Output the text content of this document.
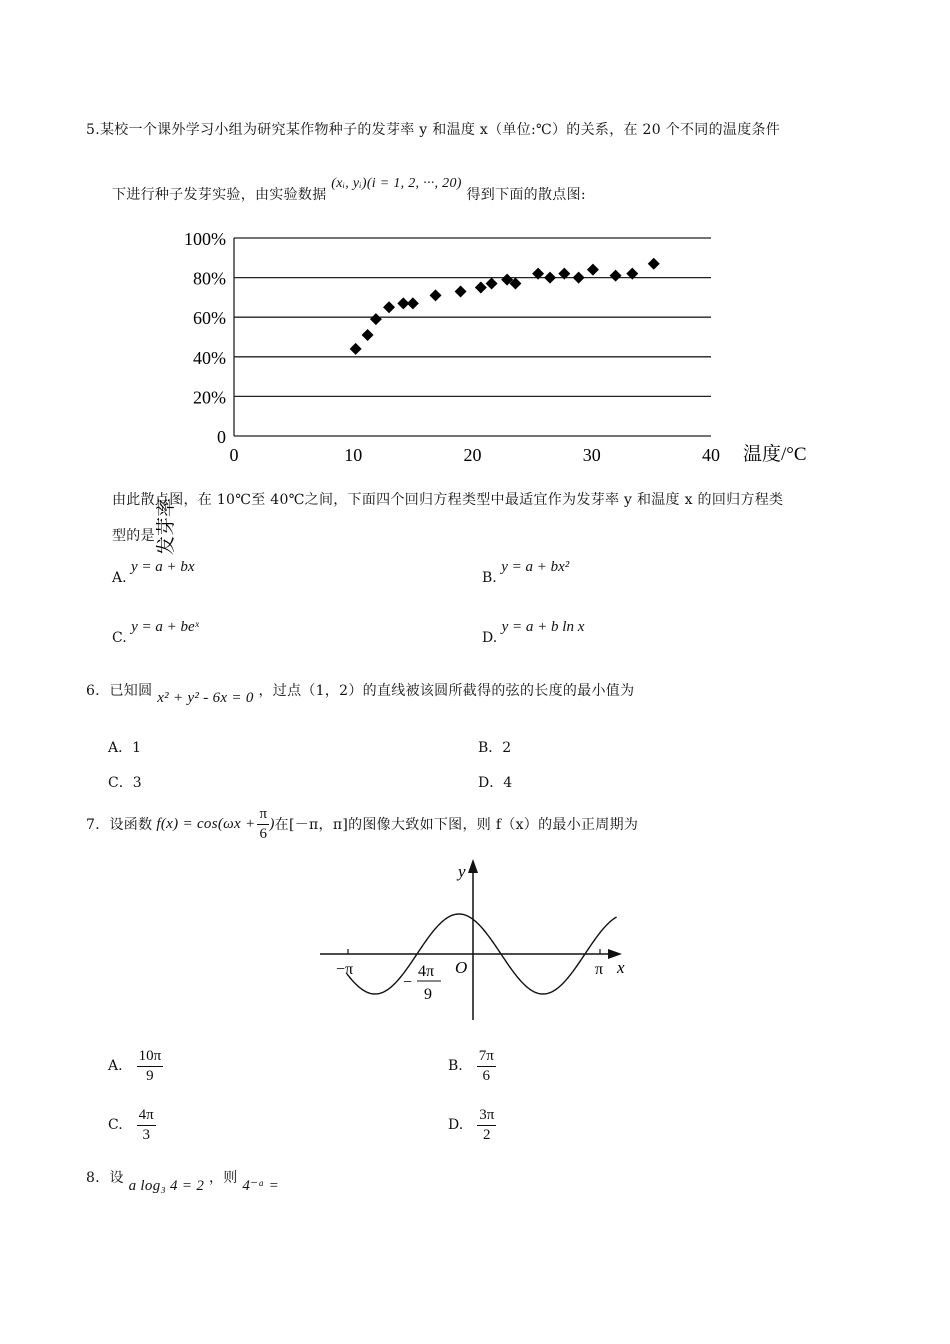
5.某校一个课外学习小组为研究某作物种子的发芽率 y 和温度 x（单位:℃）的关系，在 20 个不同的温度条件
下进行种子发芽实验，由实验数据 (xᵢ, yᵢ)(i = 1, 2, ···, 20) 得到下面的散点图:
0
20%
40%
60%
80%
100%
0	10	20	30	40 温度/°C
发芽率
由此散点图，在 10℃至 40℃之间，下面四个回归方程类型中最适宜作为发芽率 y 和温度 x 的回归方程类
型的是
A. y = a + bx
B. y = a + bx²
C. y = a + beˣ
D. y = a + b ln x
6．已知圆 x² + y² - 6x = 0 ，过点（1，2）的直线被该圆所截得的弦的长度的最小值为
A．1	B．2
C．3	D．4
7．设函数 $f(x) = \cos(\omega x + \frac{\pi}{6}$ ) 在[－π，π]的图像大致如下图，则 f（x）的最小正周期为
y
x
O
−π	π
−
4π
9
A. $\frac{10\pi}{9}$	B. $\frac{7\pi}{6}$
C. $\frac{4\pi}{3}$	D. $\frac{3\pi}{2}$
8．设 a log₃ 4 = 2 ，则 4⁻ᵃ =
